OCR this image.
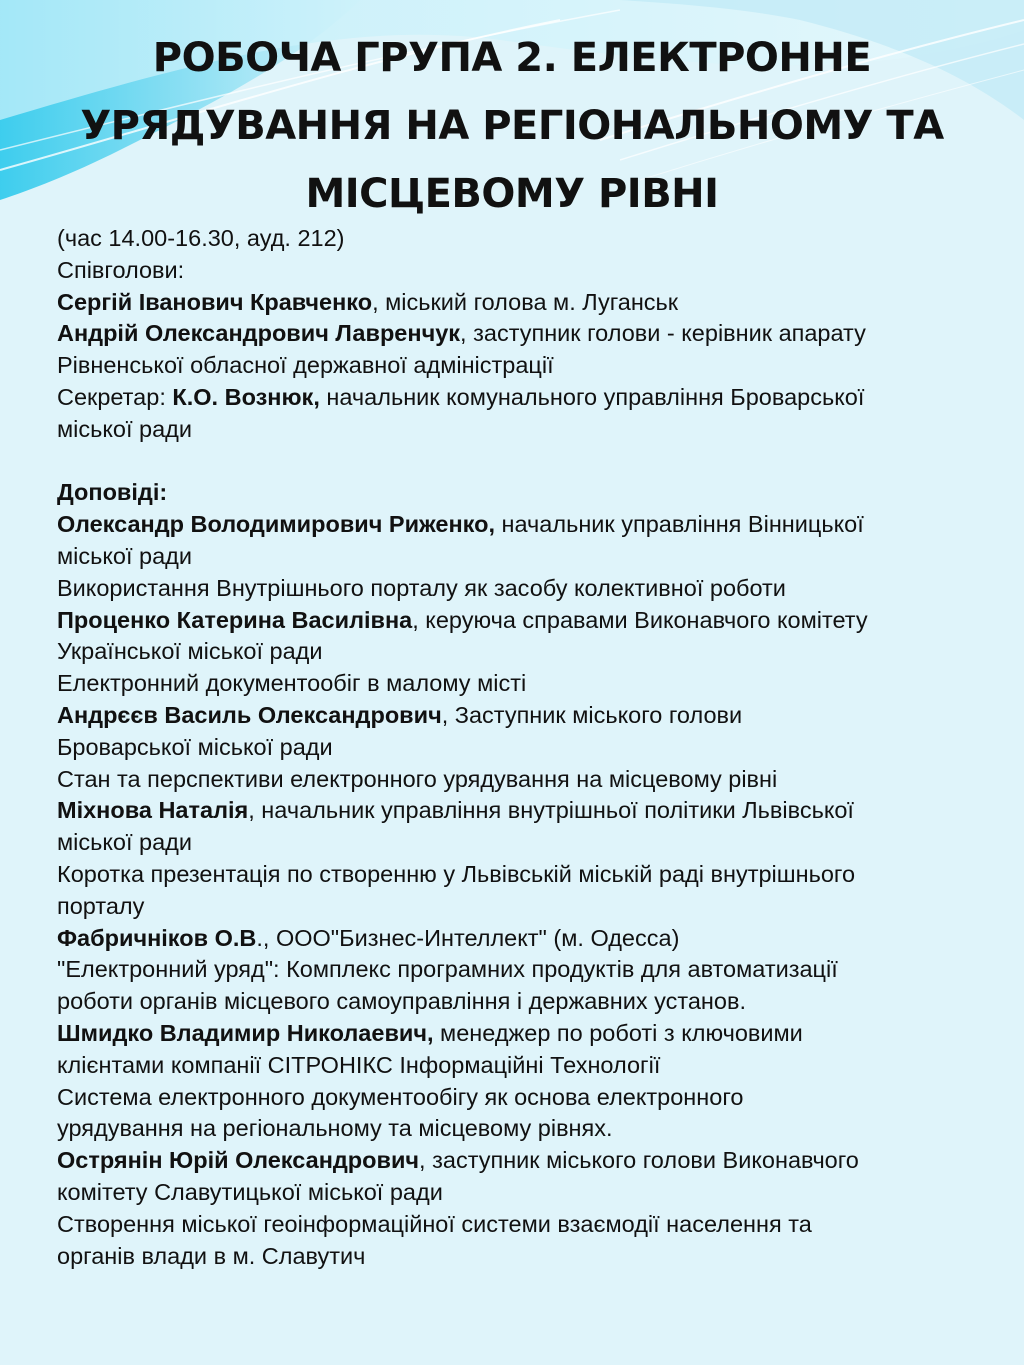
РОБОЧА ГРУПА 2. ЕЛЕКТРОННЕ
УРЯДУВАННЯ НА РЕГІОНАЛЬНОМУ ТА
МІСЦЕВОМУ РІВНІ
(час 14.00-16.30, ауд. 212)
Співголови:
Сергій Іванович Кравченко, міський голова м. Луганськ
Андрій Олександрович Лавренчук, заступник голови - керівник апарату
Рівненської обласної державної адміністрації
Секретар: К.О. Вознюк, начальник комунального управління Броварської
міської ради
Доповіді:
Олександр Володимирович Риженко, начальник управління Вінницької
міської ради
Використання Внутрішнього порталу як засобу колективної роботи
Проценко Катерина Василівна, керуюча справами Виконавчого комітету
Української міської ради
Електронний документообіг в малому місті
Андрєєв Василь Олександрович, Заступник міського голови
Броварської міської ради
Стан та перспективи електронного урядування на місцевому рівні
Міхнова Наталія, начальник управління внутрішньої політики Львівської
міської ради
Коротка презентація по створенню у Львівській міській раді внутрішнього
порталу
Фабричніков О.В., ООО"Бизнес-Интеллект" (м. Одесса)
"Електронний уряд": Комплекс програмних продуктів для автоматизації
роботи органів місцевого самоуправління і державних установ.
Шмидко Владимир Николаевич, менеджер по роботі з ключовими
клієнтами компанії СІТРОНІКС Інформаційні Технології
Система електронного документообігу як основа електронного
урядування на регіональному та місцевому рівнях.
Острянін Юрій Олександрович, заступник міського голови Виконавчого
комітету Славутицької міської ради
Створення міської геоінформаційної системи взаємодії населення та
органів влади в м. Славутич
